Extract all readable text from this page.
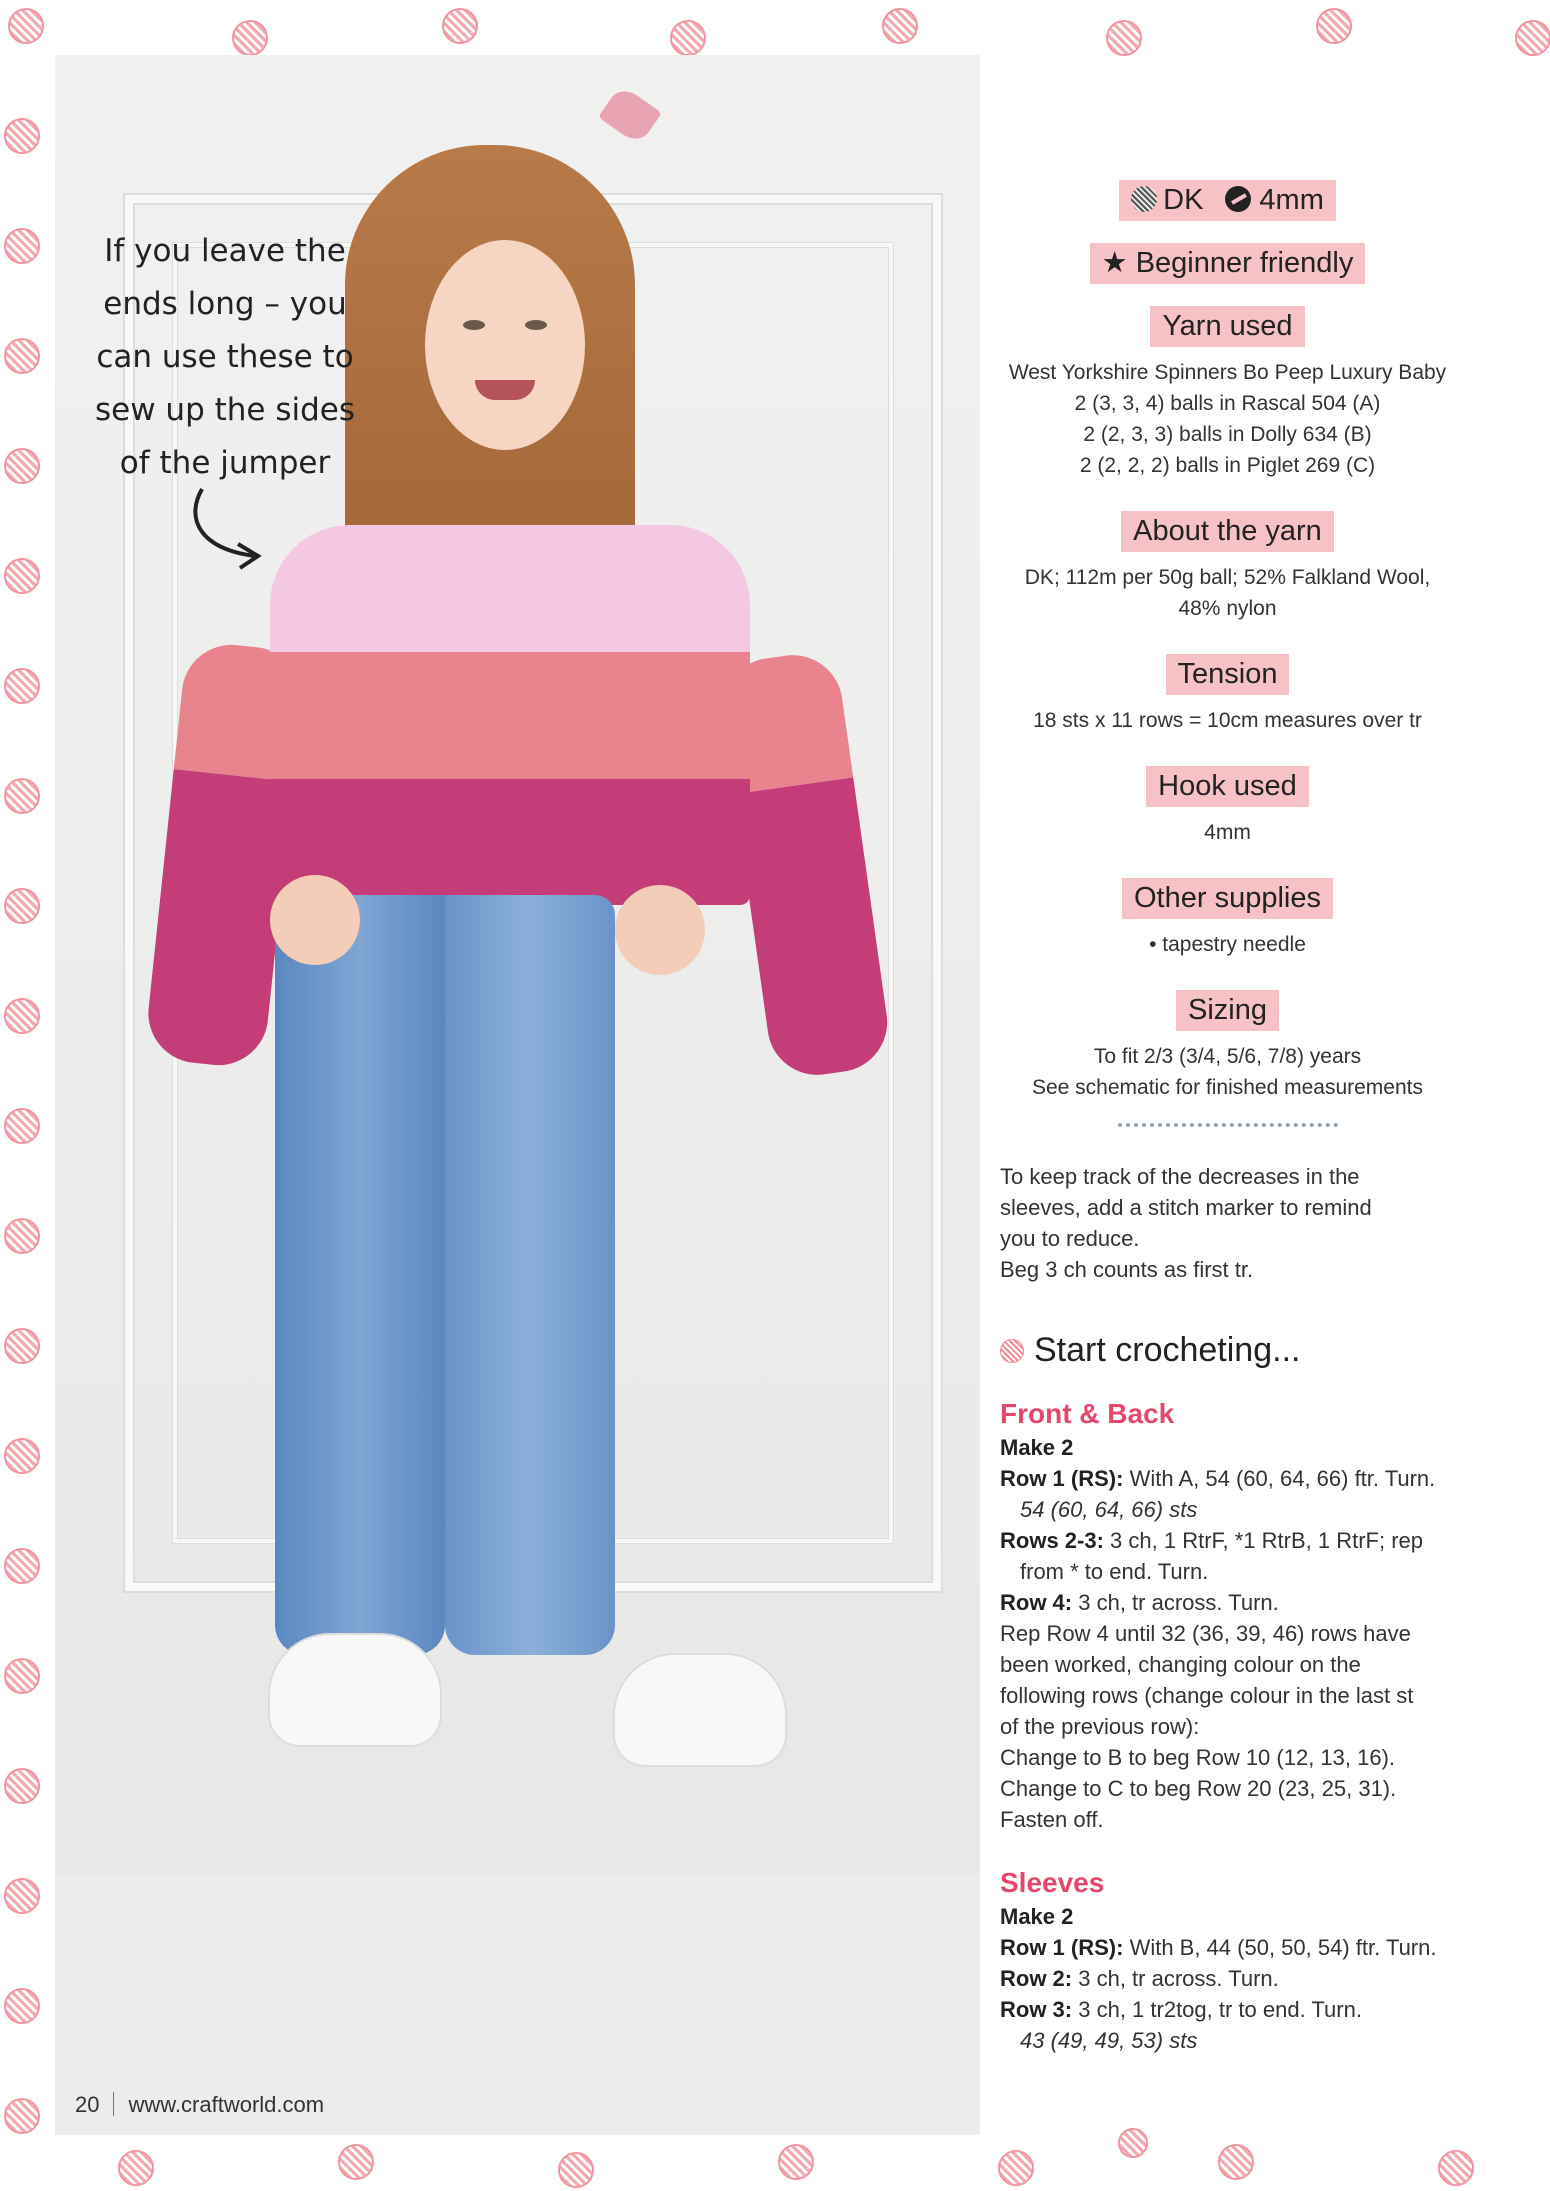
If you leave the
ends long – you
can use these to
sew up the sides
of the jumper
20 www.craftworld.com
DK 4mm
★ Beginner friendly
Yarn used
West Yorkshire Spinners Bo Peep Luxury Baby
2 (3, 3, 4) balls in Rascal 504 (A)
2 (2, 3, 3) balls in Dolly 634 (B)
2 (2, 2, 2) balls in Piglet 269 (C)
About the yarn
DK; 112m per 50g ball; 52% Falkland Wool,
48% nylon
Tension
18 sts x 11 rows = 10cm measures over tr
Hook used
4mm
Other supplies
• tapestry needle
Sizing
To fit 2/3 (3/4, 5/6, 7/8) years
See schematic for finished measurements
To keep track of the decreases in the
sleeves, add a stitch marker to remind
you to reduce.
Beg 3 ch counts as first tr.
Start crocheting...
Front & Back
Make 2
Row 1 (RS): With A, 54 (60, 64, 66) ftr. Turn.
54 (60, 64, 66) sts
Rows 2-3: 3 ch, 1 RtrF, *1 RtrB, 1 RtrF; rep
from * to end. Turn.
Row 4: 3 ch, tr across. Turn.
Rep Row 4 until 32 (36, 39, 46) rows have
been worked, changing colour on the
following rows (change colour in the last st
of the previous row):
Change to B to beg Row 10 (12, 13, 16).
Change to C to beg Row 20 (23, 25, 31).
Fasten off.
Sleeves
Make 2
Row 1 (RS): With B, 44 (50, 50, 54) ftr. Turn.
Row 2: 3 ch, tr across. Turn.
Row 3: 3 ch, 1 tr2tog, tr to end. Turn.
43 (49, 49, 53) sts
